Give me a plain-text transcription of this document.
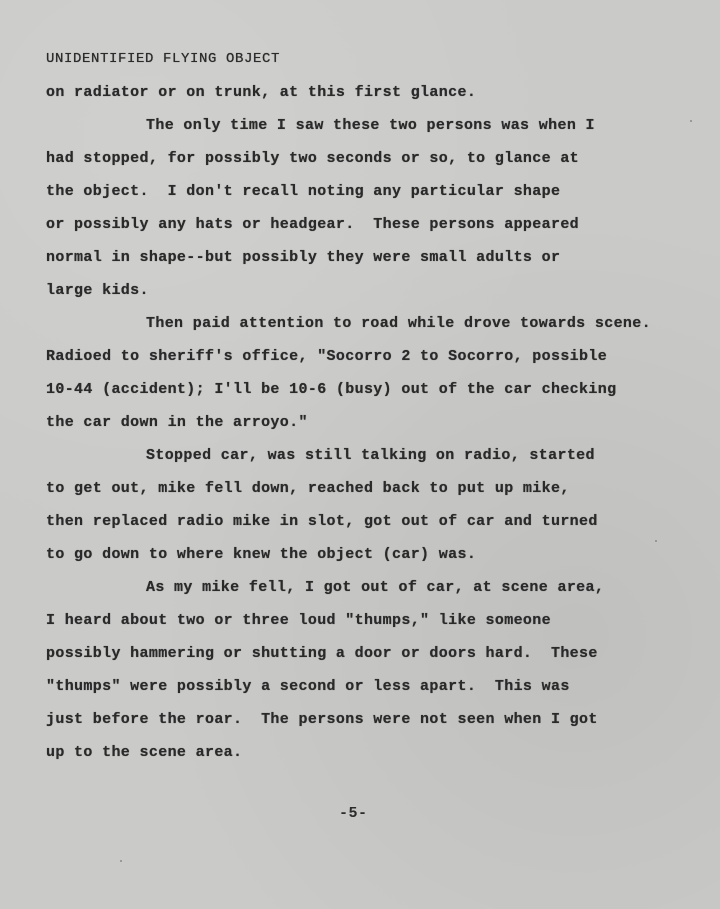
UNIDENTIFIED FLYING OBJECT
on radiator or on trunk, at this first glance.
The only time I saw these two persons was when I
had stopped, for possibly two seconds or so, to glance at
the object.  I don't recall noting any particular shape
or possibly any hats or headgear.  These persons appeared
normal in shape--but possibly they were small adults or
large kids.
Then paid attention to road while drove towards scene.
Radioed to sheriff's office, "Socorro 2 to Socorro, possible
10-44 (accident); I'll be 10-6 (busy) out of the car checking
the car down in the arroyo."
Stopped car, was still talking on radio, started
to get out, mike fell down, reached back to put up mike,
then replaced radio mike in slot, got out of car and turned
to go down to where knew the object (car) was.
As my mike fell, I got out of car, at scene area,
I heard about two or three loud "thumps," like someone
possibly hammering or shutting a door or doors hard.  These
"thumps" were possibly a second or less apart.  This was
just before the roar.  The persons were not seen when I got
up to the scene area.
-5-
